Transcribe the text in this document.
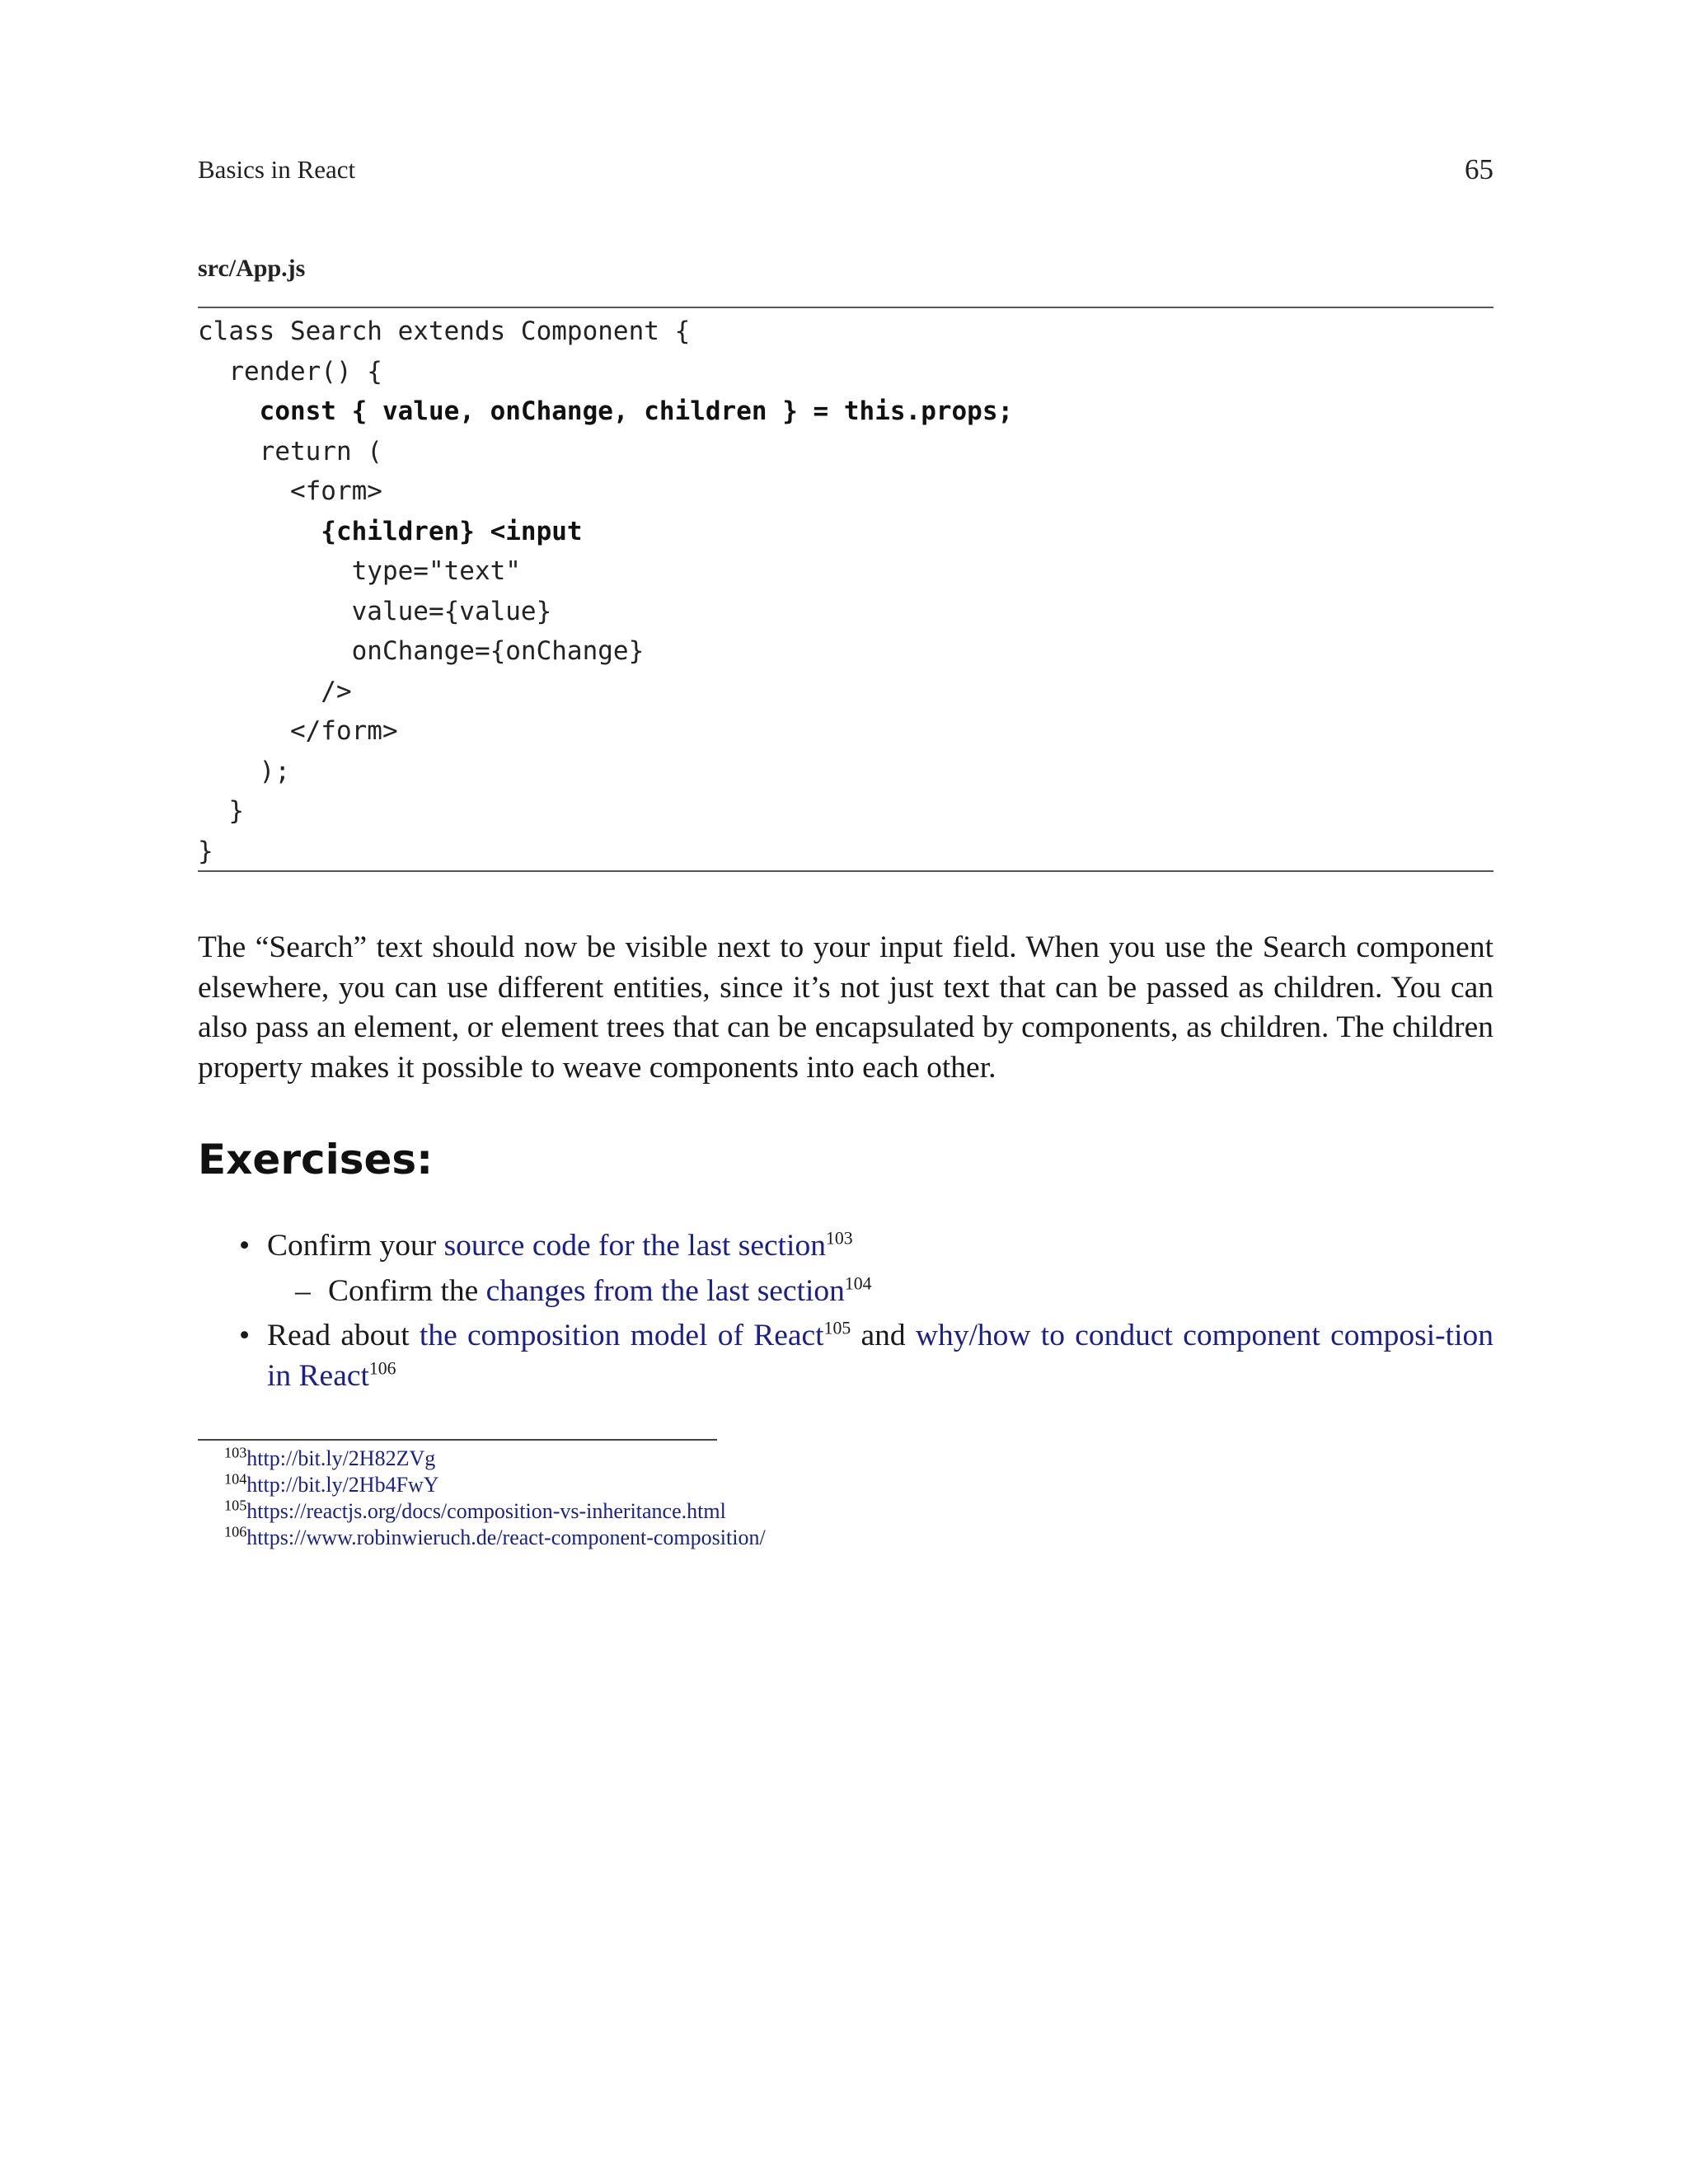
Basics in React	65
src/App.js
class Search extends Component {
render() {
const { value, onChange, children } = this.props;
return (
<form>
{children} <input
type="text"
value={value}
onChange={onChange}
/>
</form>
);
}
}

The “Search” text should now be visible next to your input field. When you use the Search component elsewhere, you can use different entities, since it’s not just text that can be passed as children. You can also pass an element, or element trees that can be encapsulated by components, as children. The children property makes it possible to weave components into each other.

Exercises:
• Confirm your source code for the last section$^{103}$
– Confirm the changes from the last section$^{104}$
• Read about the composition model of React$^{105}$ and why/how to conduct component composi-tion in React$^{106}$
$^{103}$http://bit.ly/2H82ZVg
$^{104}$http://bit.ly/2Hb4FwY
$^{105}$https://reactjs.org/docs/composition-vs-inheritance.html
$^{106}$https://www.robinwieruch.de/react-component-composition/
